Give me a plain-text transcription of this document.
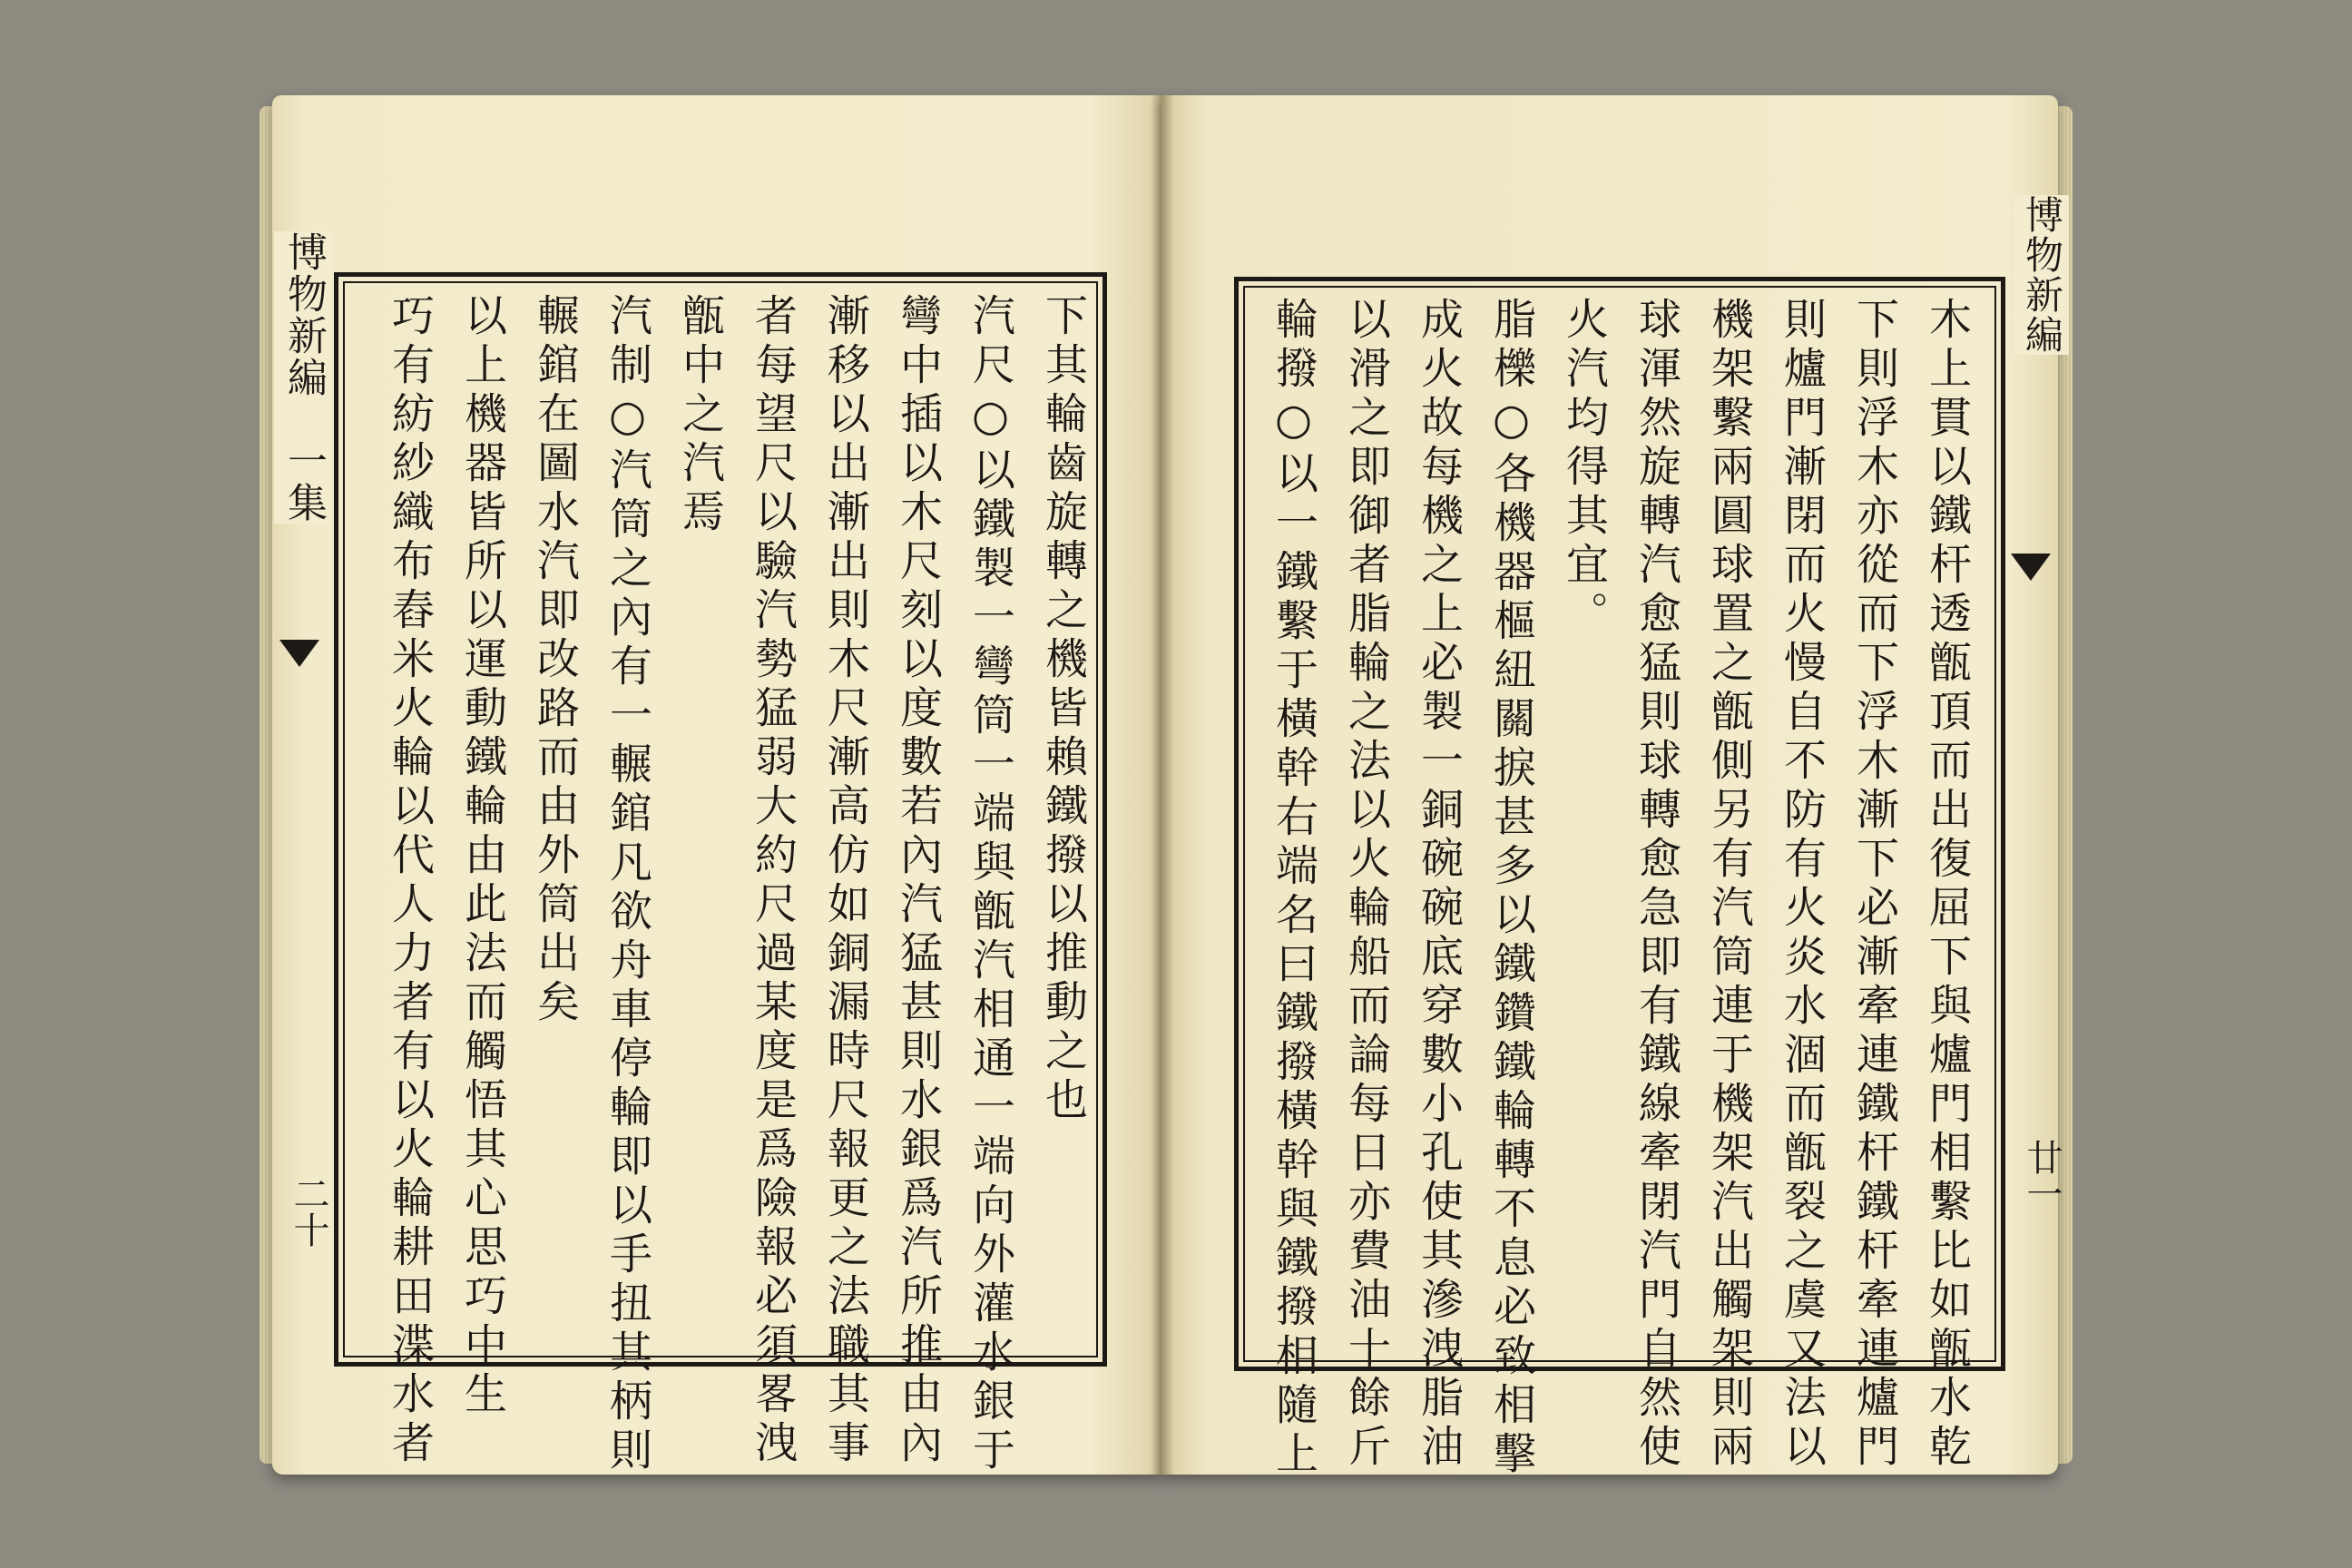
博物新編　一集
二十
下其輪齒旋轉之機皆賴鐵撥以推動之也
汽尺○以鐵製一彎筒一端與甑汽相通一端向外灌水銀于
彎中插以木尺刻以度數若內汽猛甚則水銀爲汽所推由內
漸移以出漸出則木尺漸高仿如銅漏時尺報更之法職其事
者每望尺以驗汽勢猛弱大約尺過某度是爲險報必須畧洩
甑中之汽焉
汽制○汽筒之內有一輾錧凡欲舟車停輪即以手扭其柄則
輾錧在圖水汽即改路而由外筒出矣
以上機器皆所以運動鐵輪由此法而觸悟其心思巧中生
巧有紡紗織布舂米火輪以代人力者有以火輪耕田渫水者
博物新編
廿一
木上貫以鐵杆透甑頂而出復屈下與爐門相繫比如甑水乾
下則浮木亦從而下浮木漸下必漸牽連鐵杆鐵杆牽連爐門
則爐門漸閉而火慢自不防有火炎水涸而甑裂之虞又法以
機架繫兩圓球置之甑側另有汽筒連于機架汽出觸架則兩
球渾然旋轉汽愈猛則球轉愈急即有鐵線牽閉汽門自然使
火汽均得其宜。
脂櫟○各機器樞紐關捩甚多以鐵鑽鐵輪轉不息必致相擊
成火故每機之上必製一銅碗碗底穿數小孔使其滲洩脂油
以滑之即御者脂輪之法以火輪船而論每日亦費油十餘斤
輪撥○以一鐵繫于橫幹右端名曰鐵撥橫幹與鐵撥相隨上
